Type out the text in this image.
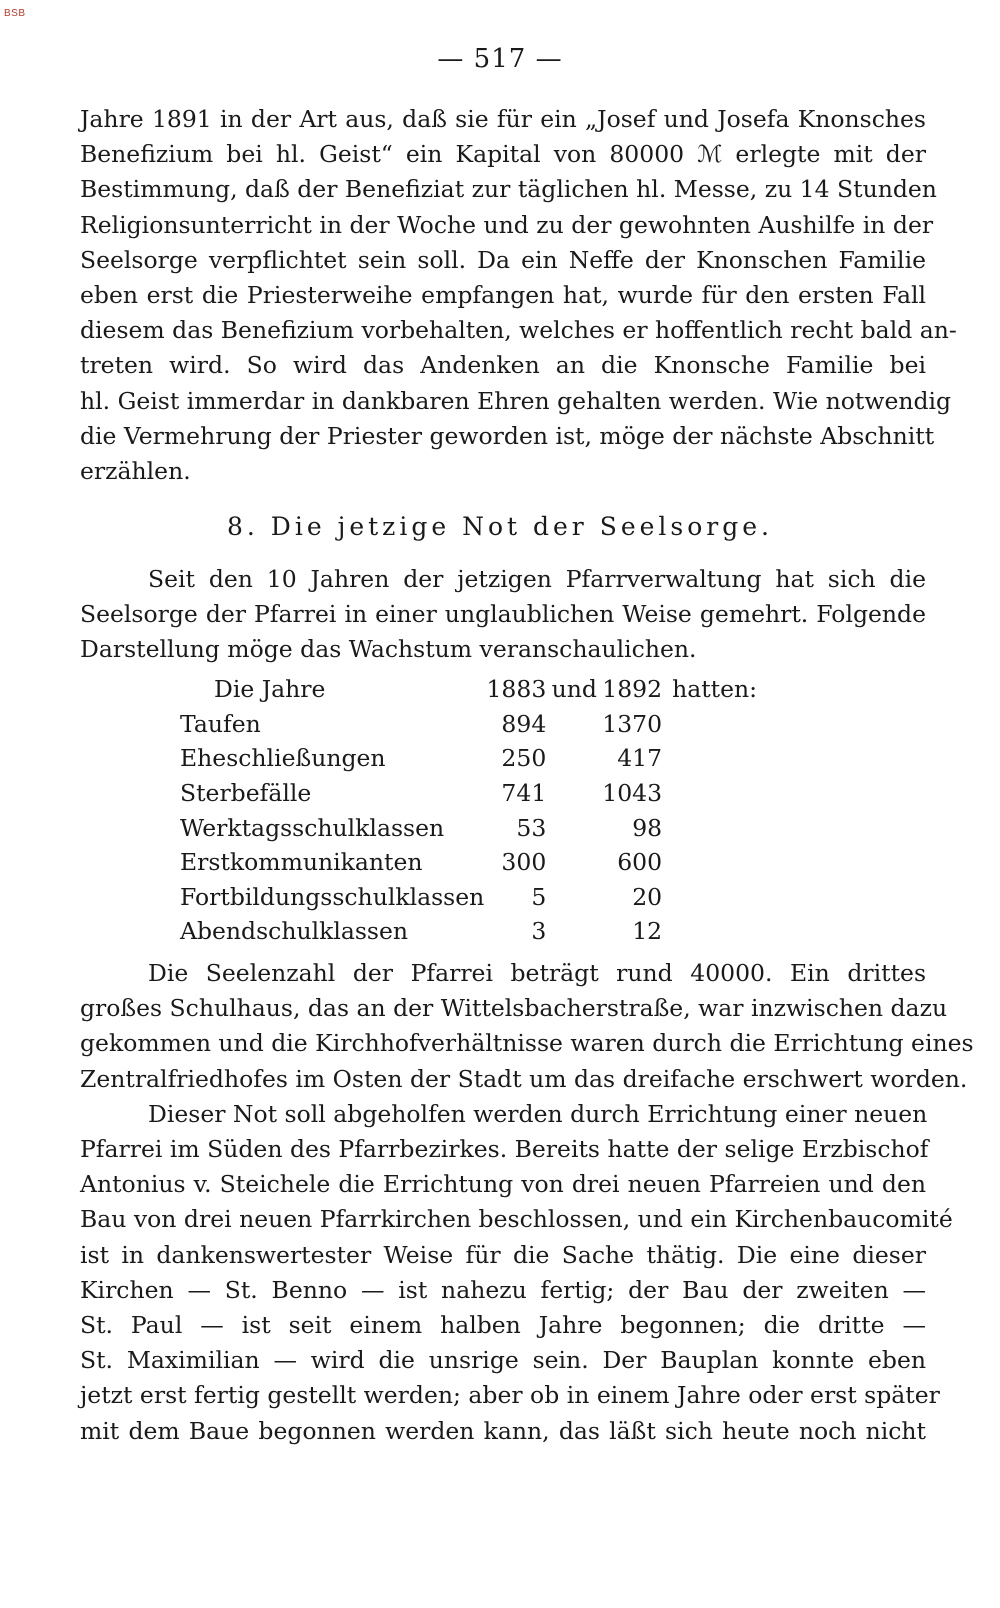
BSB
— 517 —

Jahre 1891 in der Art aus, daß sie für ein „Josef und Josefa Knonsches
Benefizium bei hl. Geist“ ein Kapital von 80000 ℳ erlegte mit der
Bestimmung, daß der Benefiziat zur täglichen hl. Messe, zu 14 Stunden
Religionsunterricht in der Woche und zu der gewohnten Aushilfe in der
Seelsorge verpflichtet sein soll. Da ein Neffe der Knonschen Familie
eben erst die Priesterweihe empfangen hat, wurde für den ersten Fall
diesem das Benefizium vorbehalten, welches er hoffentlich recht bald an-
treten wird. So wird das Andenken an die Knonsche Familie bei
hl. Geist immerdar in dankbaren Ehren gehalten werden. Wie notwendig
die Vermehrung der Priester geworden ist, möge der nächste Abschnitt
erzählen.

8. Die jetzige Not der Seelsorge.

Seit den 10 Jahren der jetzigen Pfarrverwaltung hat sich die
Seelsorge der Pfarrei in einer unglaublichen Weise gemehrt. Folgende
Darstellung möge das Wachstum veranschaulichen.

Die Jahre	1883	und	1892	hatten:
Taufen	894		1370	
Eheschließungen	250		417	
Sterbefälle	741		1043	
Werktagsschulklassen	53		98	
Erstkommunikanten	300		600	
Fortbildungsschulklassen	5		20	
Abendschulklassen	3		12	

Die Seelenzahl der Pfarrei beträgt rund 40000. Ein drittes
großes Schulhaus, das an der Wittelsbacherstraße, war inzwischen dazu
gekommen und die Kirchhofverhältnisse waren durch die Errichtung eines
Zentralfriedhofes im Osten der Stadt um das dreifache erschwert worden.
Dieser Not soll abgeholfen werden durch Errichtung einer neuen
Pfarrei im Süden des Pfarrbezirkes. Bereits hatte der selige Erzbischof
Antonius v. Steichele die Errichtung von drei neuen Pfarreien und den
Bau von drei neuen Pfarrkirchen beschlossen, und ein Kirchenbaucomité
ist in dankenswertester Weise für die Sache thätig. Die eine dieser
Kirchen — St. Benno — ist nahezu fertig; der Bau der zweiten —
St. Paul — ist seit einem halben Jahre begonnen; die dritte —
St. Maximilian — wird die unsrige sein. Der Bauplan konnte eben
jetzt erst fertig gestellt werden; aber ob in einem Jahre oder erst später
mit dem Baue begonnen werden kann, das läßt sich heute noch nicht
